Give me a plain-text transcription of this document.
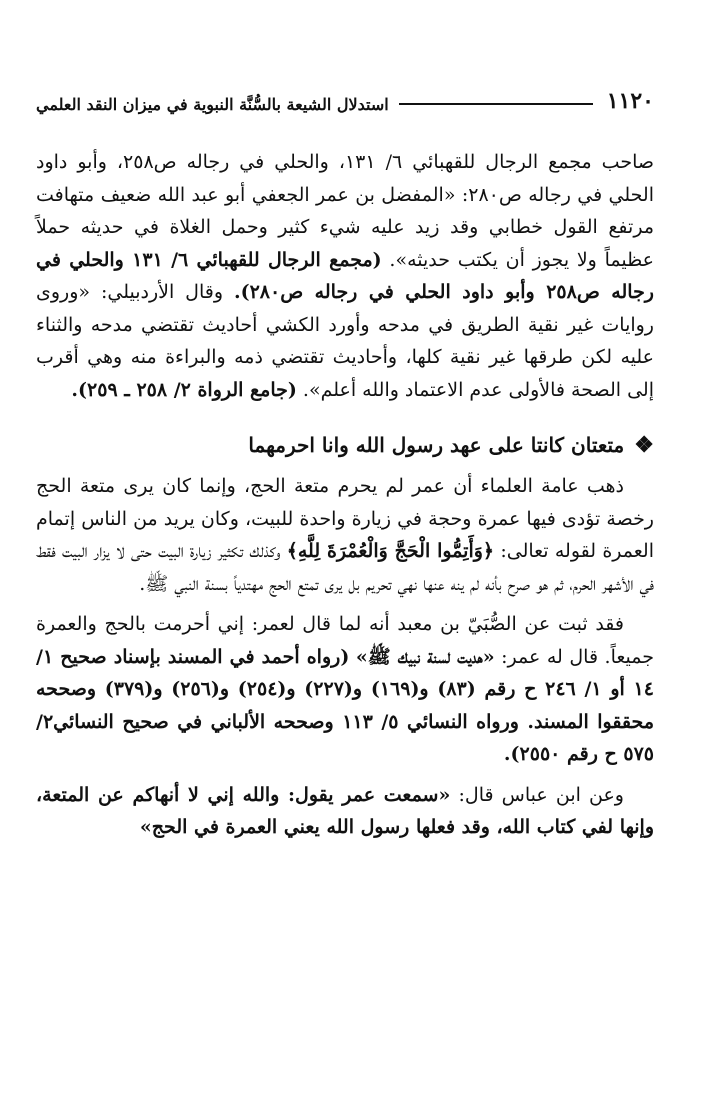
١١٢٠
استدلال الشيعة بالسُّنَّة النبوية في ميزان النقد العلمي

صاحب مجمع الرجال للقهبائي ٦/ ١٣١، والحلي في رجاله ص٢٥٨، وأبو داود الحلي في رجاله ص٢٨٠: «المفضل بن عمر الجعفي أبو عبد الله ضعيف متهافت مرتفع القول خطابي وقد زيد عليه شيء كثير وحمل الغلاة في حديثه حملاً عظيماً ولا يجوز أن يكتب حديثه». (مجمع الرجال للقهبائي ٦/ ١٣١ والحلي في رجاله ص٢٥٨ وأبو داود الحلي في رجاله ص٢٨٠). وقال الأردبيلي: «وروى روايات غير نقية الطريق في مدحه وأورد الكشي أحاديث تقتضي مدحه والثناء عليه لكن طرقها غير نقية كلها، وأحاديث تقتضي ذمه والبراءة منه وهي أقرب إلى الصحة فالأولى عدم الاعتماد والله أعلم». (جامع الرواة ٢/ ٢٥٨ ـ ٢٥٩).

❖
متعتان كانتا على عهد رسول الله وانا احرمهما

ذهب عامة العلماء أن عمر لم يحرم متعة الحج، وإنما كان يرى متعة الحج رخصة تؤدى فيها عمرة وحجة في زيارة واحدة للبيت، وكان يريد من الناس إتمام العمرة لقوله تعالى: ﴿وَأَتِمُّوا الْحَجَّ وَالْعُمْرَةَ لِلَّهِ﴾ وكذلك تكثير زيارة البيت حتى لا يزار البيت فقط في الأشهر الحرم، ثم هو صرح بأنه لم ينه عنها نهي تحريم بل يرى تمتع الحج مهتدياً بسنة النبي ﷺ.

فقد ثبت عن الصُّبَيّ بن معبد أنه لما قال لعمر: إني أحرمت بالحج والعمرة جميعاً. قال له عمر: «هديت لسنة نبيك ﷺ» (رواه أحمد في المسند بإسناد صحيح ١/ ١٤ أو ١/ ٢٤٦ ح رقم (٨٣) و(١٦٩) و(٢٢٧) و(٢٥٤) و(٢٥٦) و(٣٧٩) وصححه محققوا المسند. ورواه النسائي ٥/ ١١٣ وصححه الألباني في صحيح النسائي٢/ ٥٧٥ ح رقم ٢٥٥٠).

وعن ابن عباس قال: «سمعت عمر يقول: والله إني لا أنهاكم عن المتعة، وإنها لفي كتاب الله، وقد فعلها رسول الله يعني العمرة في الحج»
